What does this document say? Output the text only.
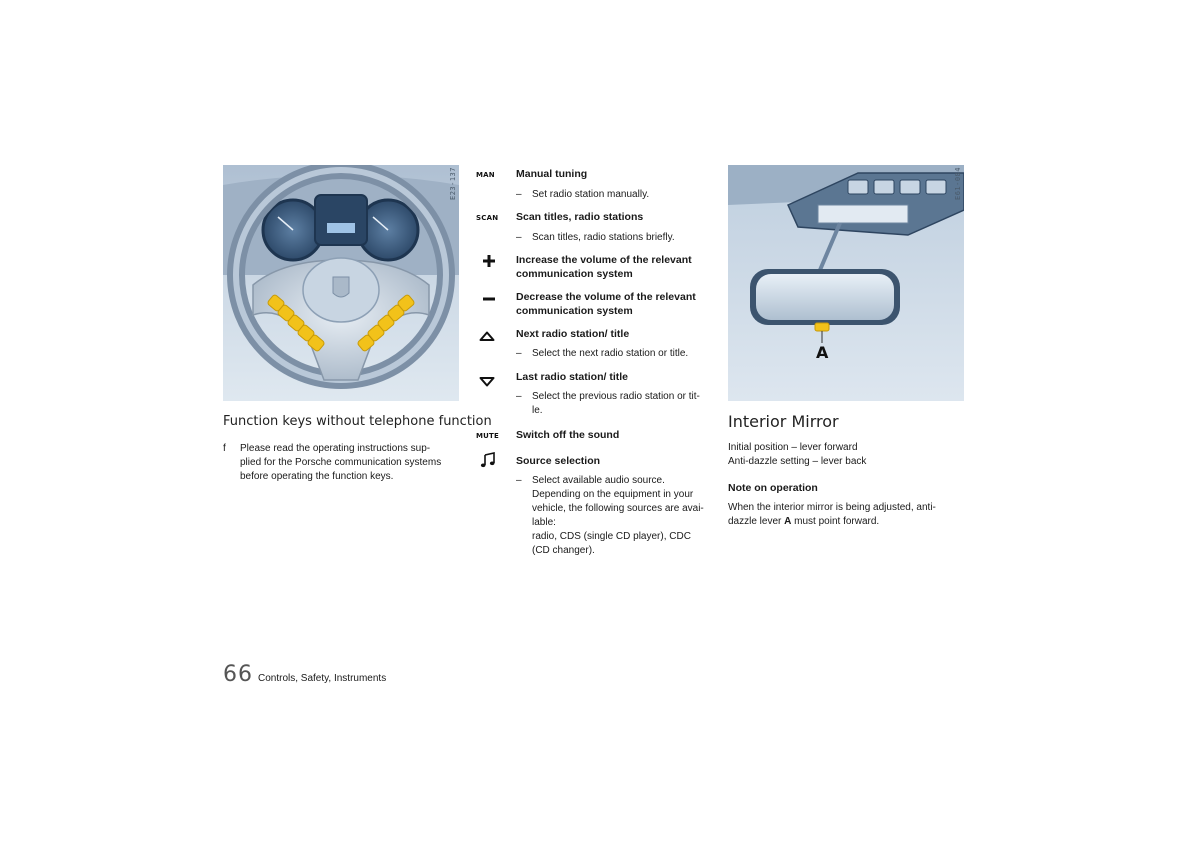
E23-137
Function keys without telephone function
f Please read the operating instructions sup-
plied for the Porsche communication systems
before operating the function keys.
MAN	Manual tuning
– Set radio station manually.
SCAN Scan titles, radio stations
– Scan titles, radio stations briefly.
Increase the volume of the relevant
communication system
Decrease the volume of the relevant
communication system
Next radio station/ title
– Select the next radio station or title.
Last radio station/ title
– Select the previous radio station or tit-
le.
MUTE Switch off the sound
Source selection
– Select available audio source.
Depending on the equipment in your
vehicle, the following sources are avai-
lable:
radio, CDS (single CD player), CDC
(CD changer).
A
E61-084
Interior Mirror
Initial position – lever forward
Anti-dazzle setting – lever back
Note on operation
When the interior mirror is being adjusted, anti-
dazzle lever A must point forward.
66 Controls, Safety, Instruments
